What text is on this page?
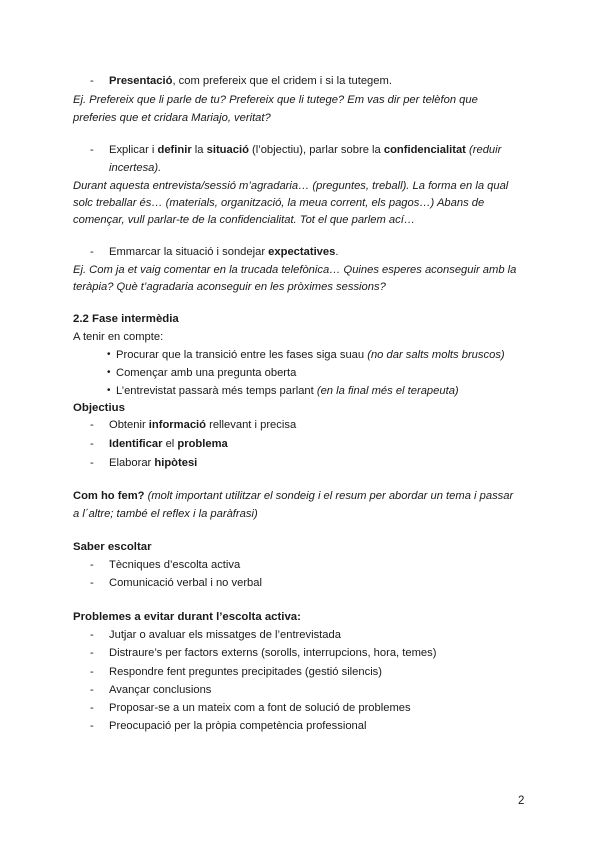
-	Presentació, com prefereix que el cridem i si la tutegem.
Ej. Prefereix que li parle de tu? Prefereix que li tutege? Em vas dir per telèfon que
preferies que et cridara Mariajo, veritat?
-	Explicar i definir la situació (l’objectiu), parlar sobre la confidencialitat (reduir
incertesa).
Durant aquesta entrevista/sessió m’agradaria… (preguntes, treball). La forma en la qual
solc treballar és… (materials, organització, la meua corrent, els pagos…) Abans de
començar, vull parlar-te de la confidencialitat. Tot el que parlem ací…
-	Emmarcar la situació i sondejar expectatives.
Ej. Com ja et vaig comentar en la trucada telefònica… Quines esperes aconseguir amb la
teràpia? Què t’agradaria aconseguir en les pròximes sessions?
2.2 Fase intermèdia
A tenir en compte:
• Procurar que la transició entre les fases siga suau (no dar salts molts bruscos)
• Començar amb una pregunta oberta
• L’entrevistat passarà més temps parlant (en la final més el terapeuta)
Objectius
-	Obtenir informació rellevant i precisa
-	Identificar el problema
-	Elaborar hipòtesi
Com ho fem? (molt important utilitzar el sondeig i el resum per abordar un tema i passar
a l´altre; també el reflex i la paràfrasi)
Saber escoltar
-	Tècniques d’escolta activa
-	Comunicació verbal i no verbal
Problemes a evitar durant l’escolta activa:
-	Jutjar o avaluar els missatges de l’entrevistada
-	Distraure’s per factors externs (sorolls, interrupcions, hora, temes)
-	Respondre fent preguntes precipitades (gestió silencis)
-	Avançar conclusions
-	Proposar-se a un mateix com a font de solució de problemes
-	Preocupació per la pròpia competència professional
2
